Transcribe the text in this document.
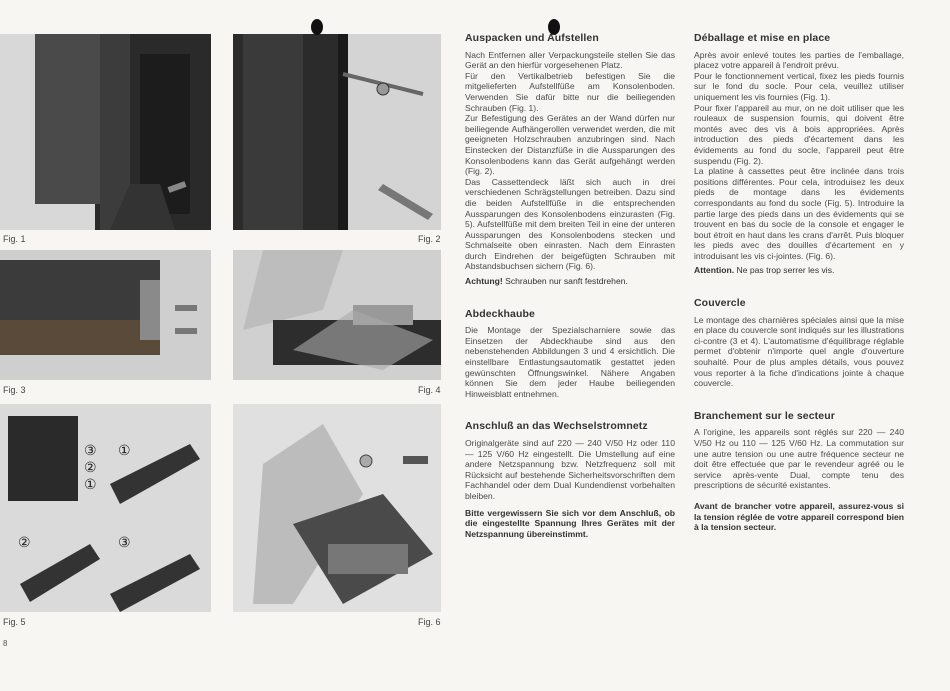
Fig. 1	Fig. 2
Fig. 3	Fig. 4
③
②
①
①
②	③
Fig. 5	Fig. 6
8
Auspacken und Aufstellen

Nach Entfernen aller Verpackungsteile stellen Sie das Gerät an den hierfür vorgesehenen Platz.

Für den Vertikalbetrieb befestigen Sie die mitgelieferten Aufstellfüße am Konsolenboden. Verwenden Sie dafür bitte nur die beiliegenden Schrauben (Fig. 1).

Zur Befestigung des Gerätes an der Wand dürfen nur beiliegende Aufhängerollen verwendet werden, die mit geeigneten Holzschrauben anzubringen sind. Nach Einstecken der Distanzfüße in die Aussparungen des Konsolenbodens kann das Gerät aufgehängt werden (Fig. 2).

Das Cassettendeck läßt sich auch in drei verschiedenen Schrägstellungen betreiben. Dazu sind die beiden Aufstellfüße in die entsprechenden Aussparungen des Konsolenbodens einzurasten (Fig. 5). Aufstellfüße mit dem breiten Teil in eine der unteren Aussparungen des Konsolenbodens stecken und Schmalseite oben einrasten. Nach dem Einrasten durch Eindrehen der beigefügten Schrauben mit Abstandsbuchsen sichern (Fig. 6).

Achtung! Schrauben nur sanft festdrehen.

Abdeckhaube

Die Montage der Spezialscharniere sowie das Einsetzen der Abdeckhaube sind aus den nebenstehenden Abbildungen 3 und 4 ersichtlich. Die einstellbare Entlastungsautomatik gestattet jeden gewünschten Öffnungswinkel. Nähere Angaben können Sie dem jeder Haube beiliegenden Hinweisblatt entnehmen.

Anschluß an das Wechselstromnetz

Originalgeräte sind auf 220 — 240 V/50 Hz oder 110 — 125 V/60 Hz eingestellt. Die Umstellung auf eine andere Netzspannung bzw. Netzfrequenz soll mit Rücksicht auf bestehende Sicherheitsvorschriften dem Fachhandel oder dem Dual Kundendienst vorbehalten bleiben.

Bitte vergewissern Sie sich vor dem Anschluß, ob die eingestellte Spannung Ihres Gerätes mit der Netzspannung übereinstimmt.

Déballage et mise en place

Après avoir enlevé toutes les parties de l'emballage, placez votre appareil à l'endroit prévu.

Pour le fonctionnement vertical, fixez les pieds fournis sur le fond du socle. Pour cela, veuillez utiliser uniquement les vis fournies (Fig. 1).

Pour fixer l'appareil au mur, on ne doit utiliser que les rouleaux de suspension fournis, qui doivent être montés avec des vis à bois appropriées. Après introduction des pieds d'écartement dans les évidements au fond du socle, l'appareil peut être suspendu (Fig. 2).

La platine à cassettes peut être inclinée dans trois positions différentes. Pour cela, introduisez les deux pieds de montage dans les évidements correspondants au fond du socle (Fig. 5). Introduire la partie large des pieds dans un des évidements qui se trouvent en bas du socle de la console et engager le bout étroit en haut dans les crans d'arrêt. Puis bloquer les pieds avec des douilles d'écartement en y introduisant les vis ci-jointes. (Fig. 6).

Attention. Ne pas trop serrer les vis.

Couvercle

Le montage des charnières spéciales ainsi que la mise en place du couvercle sont indiqués sur les illustrations ci-contre (3 et 4). L'automatisme d'équilibrage réglable permet d'obtenir n'importe quel angle d'ouverture souhaité. Pour de plus amples détails, vous pouvez vous reporter à la fiche d'indications jointe à chaque couvercle.

Branchement sur le secteur

A l'origine, les appareils sont réglés sur 220 — 240 V/50 Hz ou 110 — 125 V/60 Hz. La commutation sur une autre tension ou une autre fréquence secteur ne doit être effectuée que par le revendeur agréé ou le service après-vente Dual, compte tenu des prescriptions de sécurité existantes.

Avant de brancher votre appareil, assurez-vous si la tension réglée de votre appareil correspond bien à la tension secteur.
